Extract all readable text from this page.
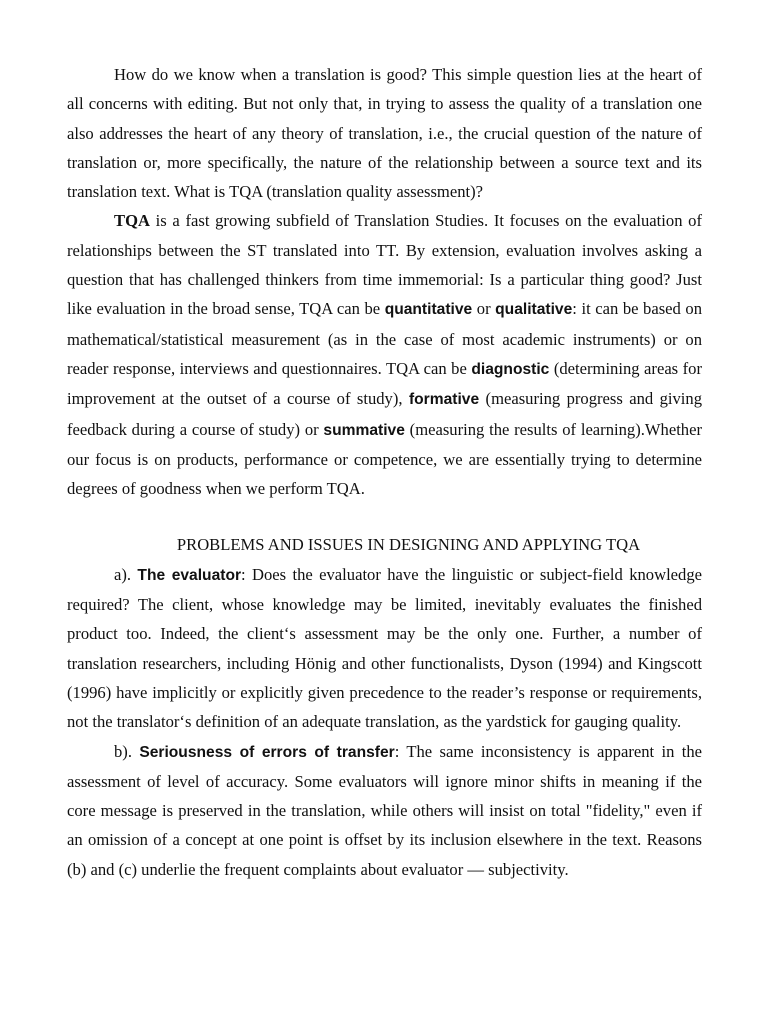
How do we know when a translation is good? This simple question lies at the heart of all concerns with editing. But not only that, in trying to assess the quality of a translation one also addresses the heart of any theory of translation, i.e., the crucial question of the nature of translation or, more specifically, the nature of the relationship between a source text and its translation text. What is TQA (translation quality assessment)?

TQA is a fast growing subfield of Translation Studies. It focuses on the evaluation of relationships between the ST translated into TT. By extension, evaluation involves asking a question that has challenged thinkers from time immemorial: Is a particular thing good? Just like evaluation in the broad sense, TQA can be quantitative or qualitative: it can be based on mathematical/statistical measurement (as in the case of most academic instruments) or on reader response, interviews and questionnaires. TQA can be diagnostic (determining areas for improvement at the outset of a course of study), formative (measuring progress and giving feedback during a course of study) or summative (measuring the results of learning).Whether our focus is on products, performance or competence, we are essentially trying to determine degrees of goodness when we perform TQA.

PROBLEMS AND ISSUES IN DESIGNING AND APPLYING TQA

a). The evaluator: Does the evaluator have the linguistic or subject-field knowledge required? The client, whose knowledge may be limited, inevitably evaluates the finished product too. Indeed, the client‘s assessment may be the only one. Further, a number of translation researchers, including Hönig and other functionalists, Dyson (1994) and Kingscott (1996) have implicitly or explicitly given precedence to the reader’s response or requirements, not the translator‘s definition of an adequate translation, as the yardstick for gauging quality.

b). Seriousness of errors of transfer: The same inconsistency is apparent in the assessment of level of accuracy. Some evaluators will ignore minor shifts in meaning if the core message is preserved in the translation, while others will insist on total "fidelity," even if an omission of a concept at one point is offset by its inclusion elsewhere in the text. Reasons (b) and (c) underlie the frequent complaints about evaluator — subjectivity.
